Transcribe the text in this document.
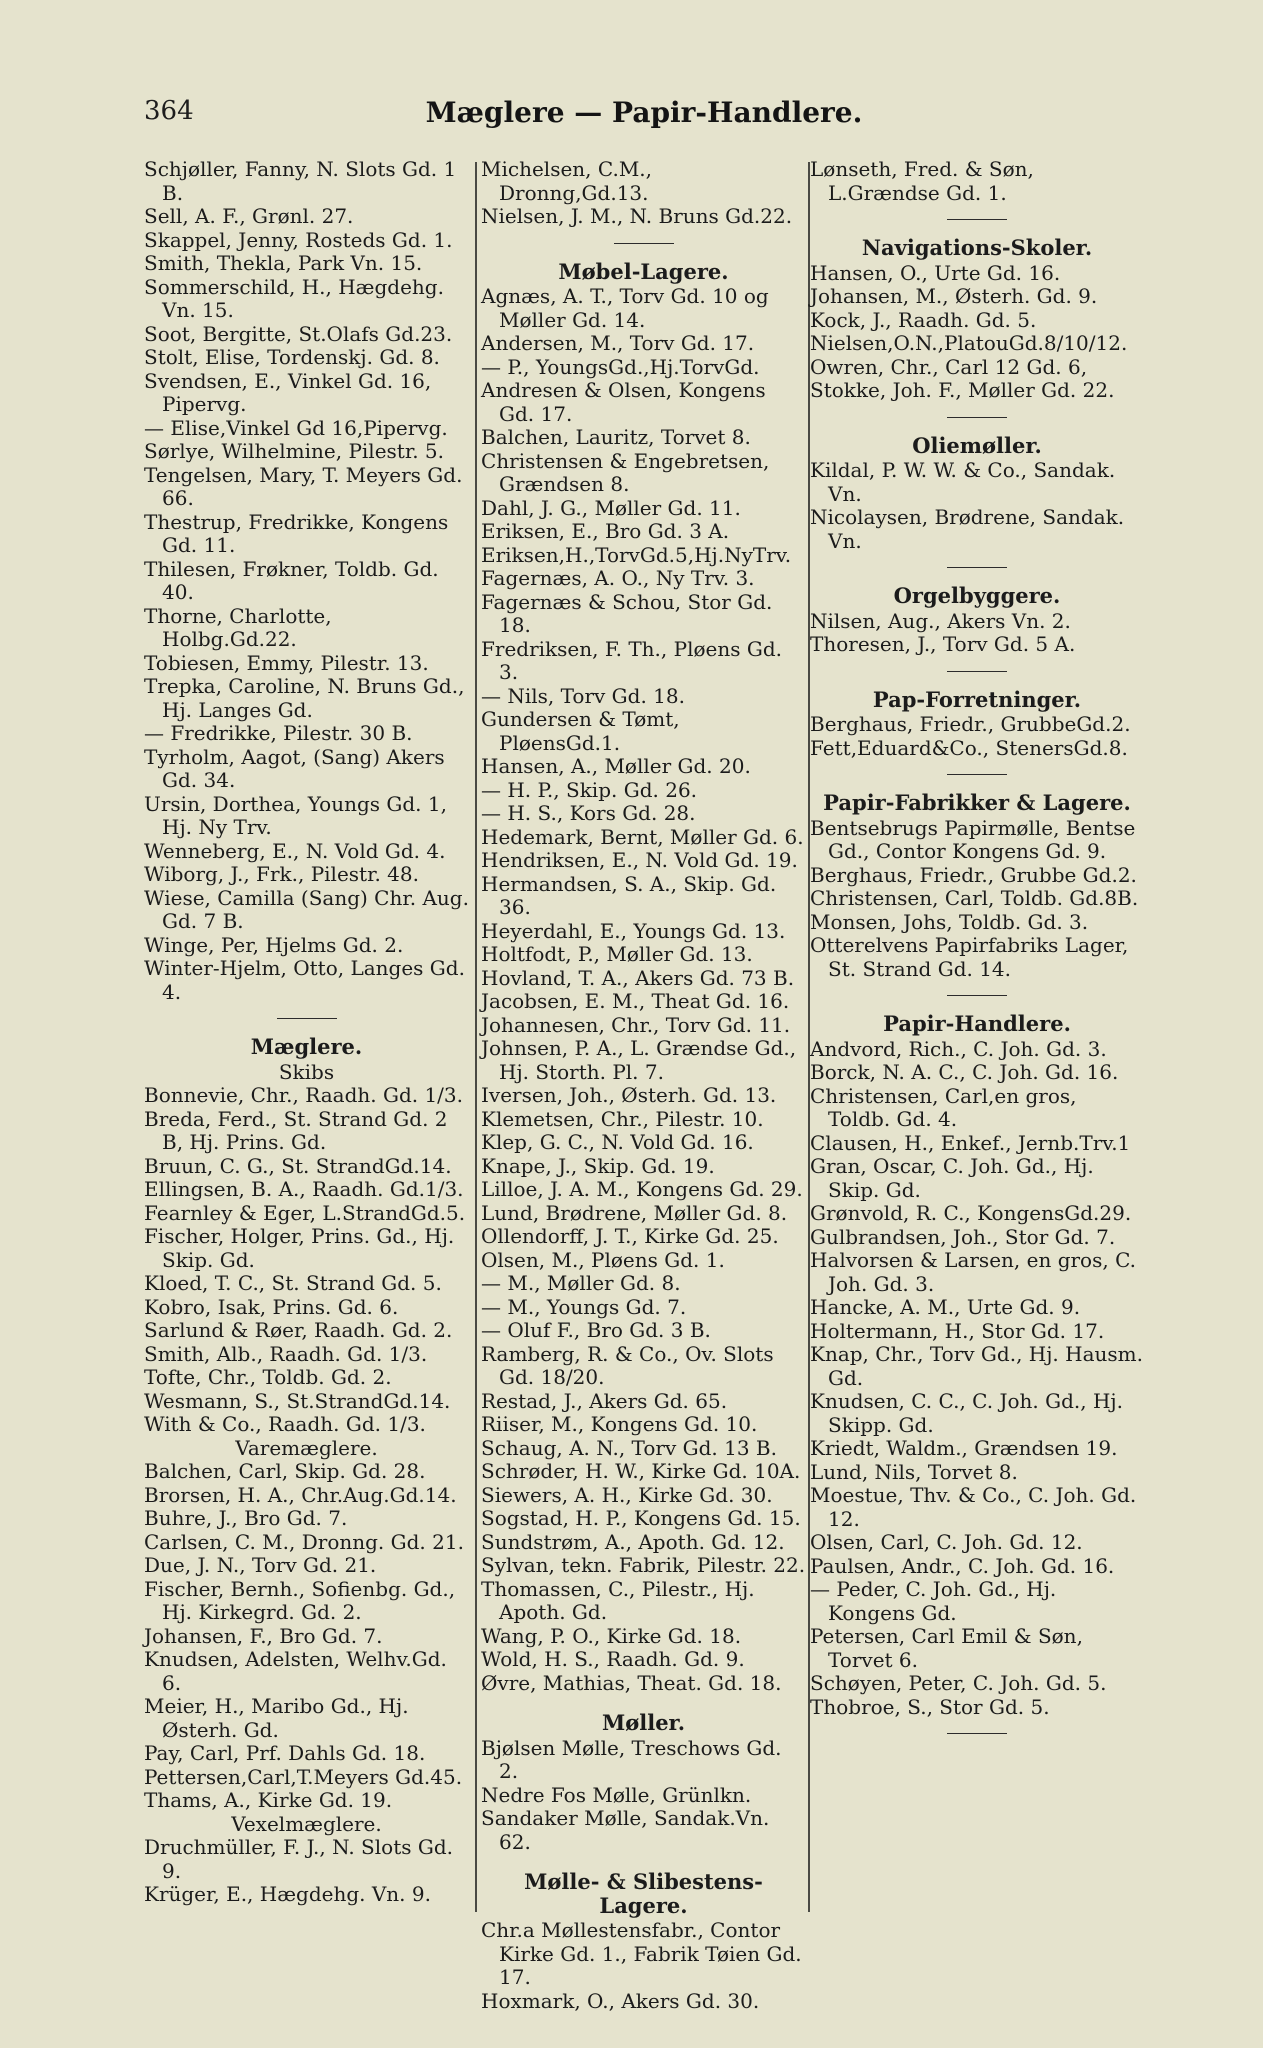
364	Mæglere — Papir-Handlere.
Schjøller, Fanny, N. Slots Gd. 1 B.
Sell, A. F., Grønl. 27.
Skappel, Jenny, Rosteds Gd. 1.
Smith, Thekla, Park Vn. 15.
Sommerschild, H., Hægdehg. Vn. 15.
Soot, Bergitte, St.Olafs Gd.23.
Stolt, Elise, Tordenskj. Gd. 8.
Svendsen, E., Vinkel Gd. 16, Pipervg.
— Elise,Vinkel Gd 16,Pipervg.
Sørlye, Wilhelmine, Pilestr. 5.
Tengelsen, Mary, T. Meyers Gd. 66.
Thestrup, Fredrikke, Kongens Gd. 11.
Thilesen, Frøkner, Toldb. Gd. 40.
Thorne, Charlotte, Holbg.Gd.22.
Tobiesen, Emmy, Pilestr. 13.
Trepka, Caroline, N. Bruns Gd., Hj. Langes Gd.
— Fredrikke, Pilestr. 30 B.
Tyrholm, Aagot, (Sang) Akers Gd. 34.
Ursin, Dorthea, Youngs Gd. 1, Hj. Ny Trv.
Wenneberg, E., N. Vold Gd. 4.
Wiborg, J., Frk., Pilestr. 48.
Wiese, Camilla (Sang) Chr. Aug. Gd. 7 B.
Winge, Per, Hjelms Gd. 2.
Winter-Hjelm, Otto, Langes Gd. 4.
Mæglere.
Skibs
Bonnevie, Chr., Raadh. Gd. 1/3.
Breda, Ferd., St. Strand Gd. 2 B, Hj. Prins. Gd.
Bruun, C. G., St. StrandGd.14.
Ellingsen, B. A., Raadh. Gd.1/3.
Fearnley & Eger, L.StrandGd.5.
Fischer, Holger, Prins. Gd., Hj. Skip. Gd.
Kloed, T. C., St. Strand Gd. 5.
Kobro, Isak, Prins. Gd. 6.
Sarlund & Røer, Raadh. Gd. 2.
Smith, Alb., Raadh. Gd. 1/3.
Tofte, Chr., Toldb. Gd. 2.
Wesmann, S., St.StrandGd.14.
With & Co., Raadh. Gd. 1/3.
Varemæglere.
Balchen, Carl, Skip. Gd. 28.
Brorsen, H. A., Chr.Aug.Gd.14.
Buhre, J., Bro Gd. 7.
Carlsen, C. M., Dronng. Gd. 21.
Due, J. N., Torv Gd. 21.
Fischer, Bernh., Sofienbg. Gd., Hj. Kirkegrd. Gd. 2.
Johansen, F., Bro Gd. 7.
Knudsen, Adelsten, Welhv.Gd. 6.
Meier, H., Maribo Gd., Hj. Østerh. Gd.
Pay, Carl, Prf. Dahls Gd. 18.
Pettersen,Carl,T.Meyers Gd.45.
Thams, A., Kirke Gd. 19.
Vexelmæglere.
Druchmüller, F. J., N. Slots Gd. 9.
Krüger, E., Hægdehg. Vn. 9.
Michelsen, C.M., Dronng,Gd.13.
Nielsen, J. M., N. Bruns Gd.22.
Møbel-Lagere.
Agnæs, A. T., Torv Gd. 10 og Møller Gd. 14.
Andersen, M., Torv Gd. 17.
— P., YoungsGd.,Hj.TorvGd.
Andresen & Olsen, Kongens Gd. 17.
Balchen, Lauritz, Torvet 8.
Christensen & Engebretsen, Grændsen 8.
Dahl, J. G., Møller Gd. 11.
Eriksen, E., Bro Gd. 3 A.
Eriksen,H.,TorvGd.5,Hj.NyTrv.
Fagernæs, A. O., Ny Trv. 3.
Fagernæs & Schou, Stor Gd. 18.
Fredriksen, F. Th., Pløens Gd. 3.
— Nils, Torv Gd. 18.
Gundersen & Tømt, PløensGd.1.
Hansen, A., Møller Gd. 20.
— H. P., Skip. Gd. 26.
— H. S., Kors Gd. 28.
Hedemark, Bernt, Møller Gd. 6.
Hendriksen, E., N. Vold Gd. 19.
Hermandsen, S. A., Skip. Gd. 36.
Heyerdahl, E., Youngs Gd. 13.
Holtfodt, P., Møller Gd. 13.
Hovland, T. A., Akers Gd. 73 B.
Jacobsen, E. M., Theat Gd. 16.
Johannesen, Chr., Torv Gd. 11.
Johnsen, P. A., L. Grændse Gd., Hj. Storth. Pl. 7.
Iversen, Joh., Østerh. Gd. 13.
Klemetsen, Chr., Pilestr. 10.
Klep, G. C., N. Vold Gd. 16.
Knape, J., Skip. Gd. 19.
Lilloe, J. A. M., Kongens Gd. 29.
Lund, Brødrene, Møller Gd. 8.
Ollendorff, J. T., Kirke Gd. 25.
Olsen, M., Pløens Gd. 1.
— M., Møller Gd. 8.
— M., Youngs Gd. 7.
— Oluf F., Bro Gd. 3 B.
Ramberg, R. & Co., Ov. Slots Gd. 18/20.
Restad, J., Akers Gd. 65.
Riiser, M., Kongens Gd. 10.
Schaug, A. N., Torv Gd. 13 B.
Schrøder, H. W., Kirke Gd. 10A.
Siewers, A. H., Kirke Gd. 30.
Sogstad, H. P., Kongens Gd. 15.
Sundstrøm, A., Apoth. Gd. 12.
Sylvan, tekn. Fabrik, Pilestr. 22.
Thomassen, C., Pilestr., Hj. Apoth. Gd.
Wang, P. O., Kirke Gd. 18.
Wold, H. S., Raadh. Gd. 9.
Øvre, Mathias, Theat. Gd. 18.
Møller.
Bjølsen Mølle, Treschows Gd. 2.
Nedre Fos Mølle, Grünlkn.
Sandaker Mølle, Sandak.Vn. 62.
Mølle- & Slibestens-Lagere.
Chr.a Møllestensfabr., Contor Kirke Gd. 1., Fabrik Tøien Gd. 17.
Hoxmark, O., Akers Gd. 30.
Lønseth, Fred. & Søn, L.Grændse Gd. 1.
Navigations-Skoler.
Hansen, O., Urte Gd. 16.
Johansen, M., Østerh. Gd. 9.
Kock, J., Raadh. Gd. 5.
Nielsen,O.N.,PlatouGd.8/10/12.
Owren, Chr., Carl 12 Gd. 6,
Stokke, Joh. F., Møller Gd. 22.
Oliemøller.
Kildal, P. W. W. & Co., Sandak. Vn.
Nicolaysen, Brødrene, Sandak. Vn.
Orgelbyggere.
Nilsen, Aug., Akers Vn. 2.
Thoresen, J., Torv Gd. 5 A.
Pap-Forretninger.
Berghaus, Friedr., GrubbeGd.2.
Fett,Eduard&Co., StenersGd.8.
Papir-Fabrikker & Lagere.
Bentsebrugs Papirmølle, Bentse Gd., Contor Kongens Gd. 9.
Berghaus, Friedr., Grubbe Gd.2.
Christensen, Carl, Toldb. Gd.8B.
Monsen, Johs, Toldb. Gd. 3.
Otterelvens Papirfabriks Lager, St. Strand Gd. 14.
Papir-Handlere.
Andvord, Rich., C. Joh. Gd. 3.
Borck, N. A. C., C. Joh. Gd. 16.
Christensen, Carl,en gros, Toldb. Gd. 4.
Clausen, H., Enkef., Jernb.Trv.1
Gran, Oscar, C. Joh. Gd., Hj. Skip. Gd.
Grønvold, R. C., KongensGd.29.
Gulbrandsen, Joh., Stor Gd. 7.
Halvorsen & Larsen, en gros, C. Joh. Gd. 3.
Hancke, A. M., Urte Gd. 9.
Holtermann, H., Stor Gd. 17.
Knap, Chr., Torv Gd., Hj. Hausm. Gd.
Knudsen, C. C., C. Joh. Gd., Hj. Skipp. Gd.
Kriedt, Waldm., Grændsen 19.
Lund, Nils, Torvet 8.
Moestue, Thv. & Co., C. Joh. Gd. 12.
Olsen, Carl, C. Joh. Gd. 12.
Paulsen, Andr., C. Joh. Gd. 16.
— Peder, C. Joh. Gd., Hj. Kongens Gd.
Petersen, Carl Emil & Søn, Torvet 6.
Schøyen, Peter, C. Joh. Gd. 5.
Thobroe, S., Stor Gd. 5.
